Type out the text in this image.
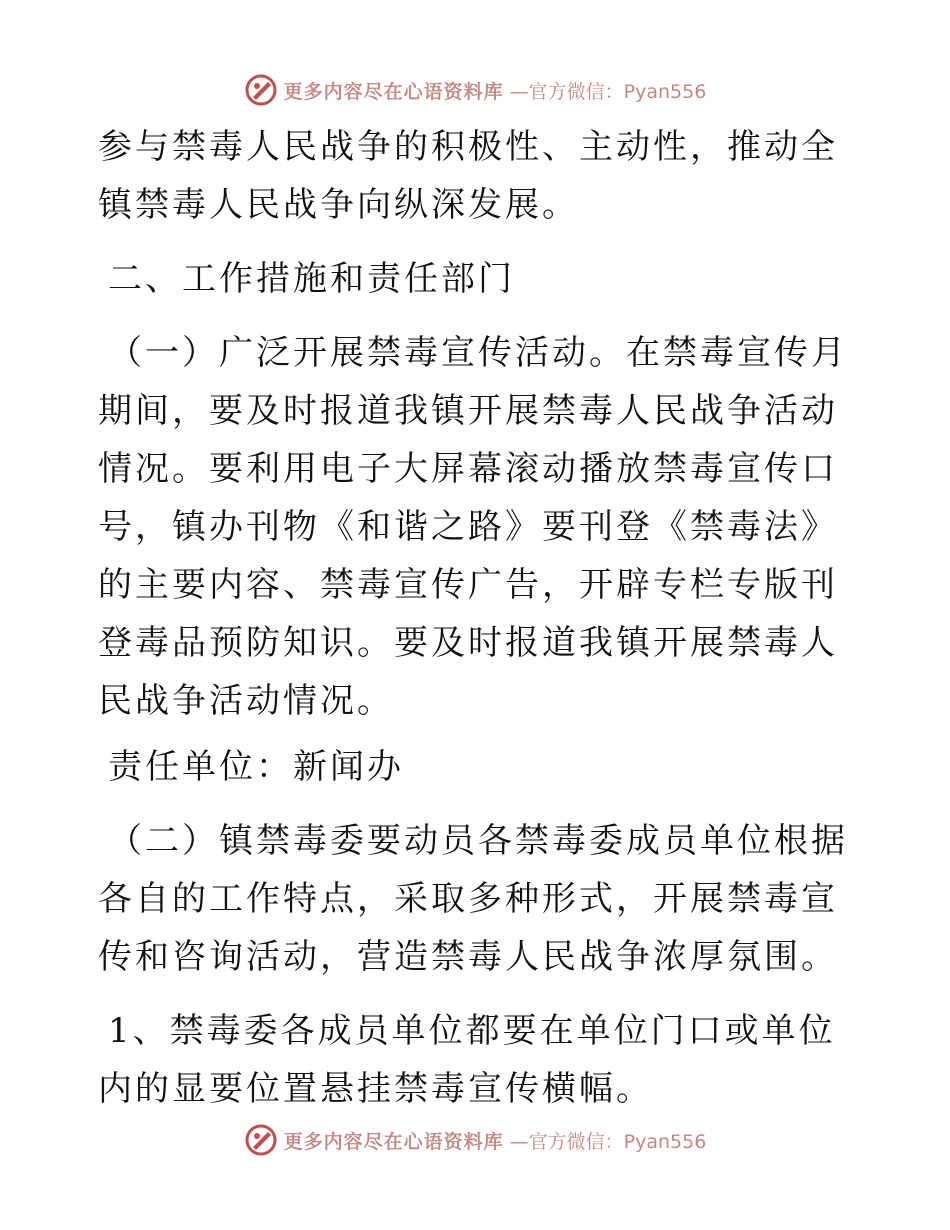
更多内容尽在心语资料库 —官方微信：Pyan556

参与禁毒人民战争的积极性、主动性，推动全镇禁毒人民战争向纵深发展。

二、工作措施和责任部门

（一）广泛开展禁毒宣传活动。在禁毒宣传月期间，要及时报道我镇开展禁毒人民战争活动情况。要利用电子大屏幕滚动播放禁毒宣传口号，镇办刊物《和谐之路》要刊登《禁毒法》的主要内容、禁毒宣传广告，开辟专栏专版刊登毒品预防知识。要及时报道我镇开展禁毒人民战争活动情况。

责任单位：新闻办

（二）镇禁毒委要动员各禁毒委成员单位根据各自的工作特点，采取多种形式，开展禁毒宣传和咨询活动，营造禁毒人民战争浓厚氛围。

1、禁毒委各成员单位都要在单位门口或单位内的显要位置悬挂禁毒宣传横幅。

更多内容尽在心语资料库 —官方微信：Pyan556
